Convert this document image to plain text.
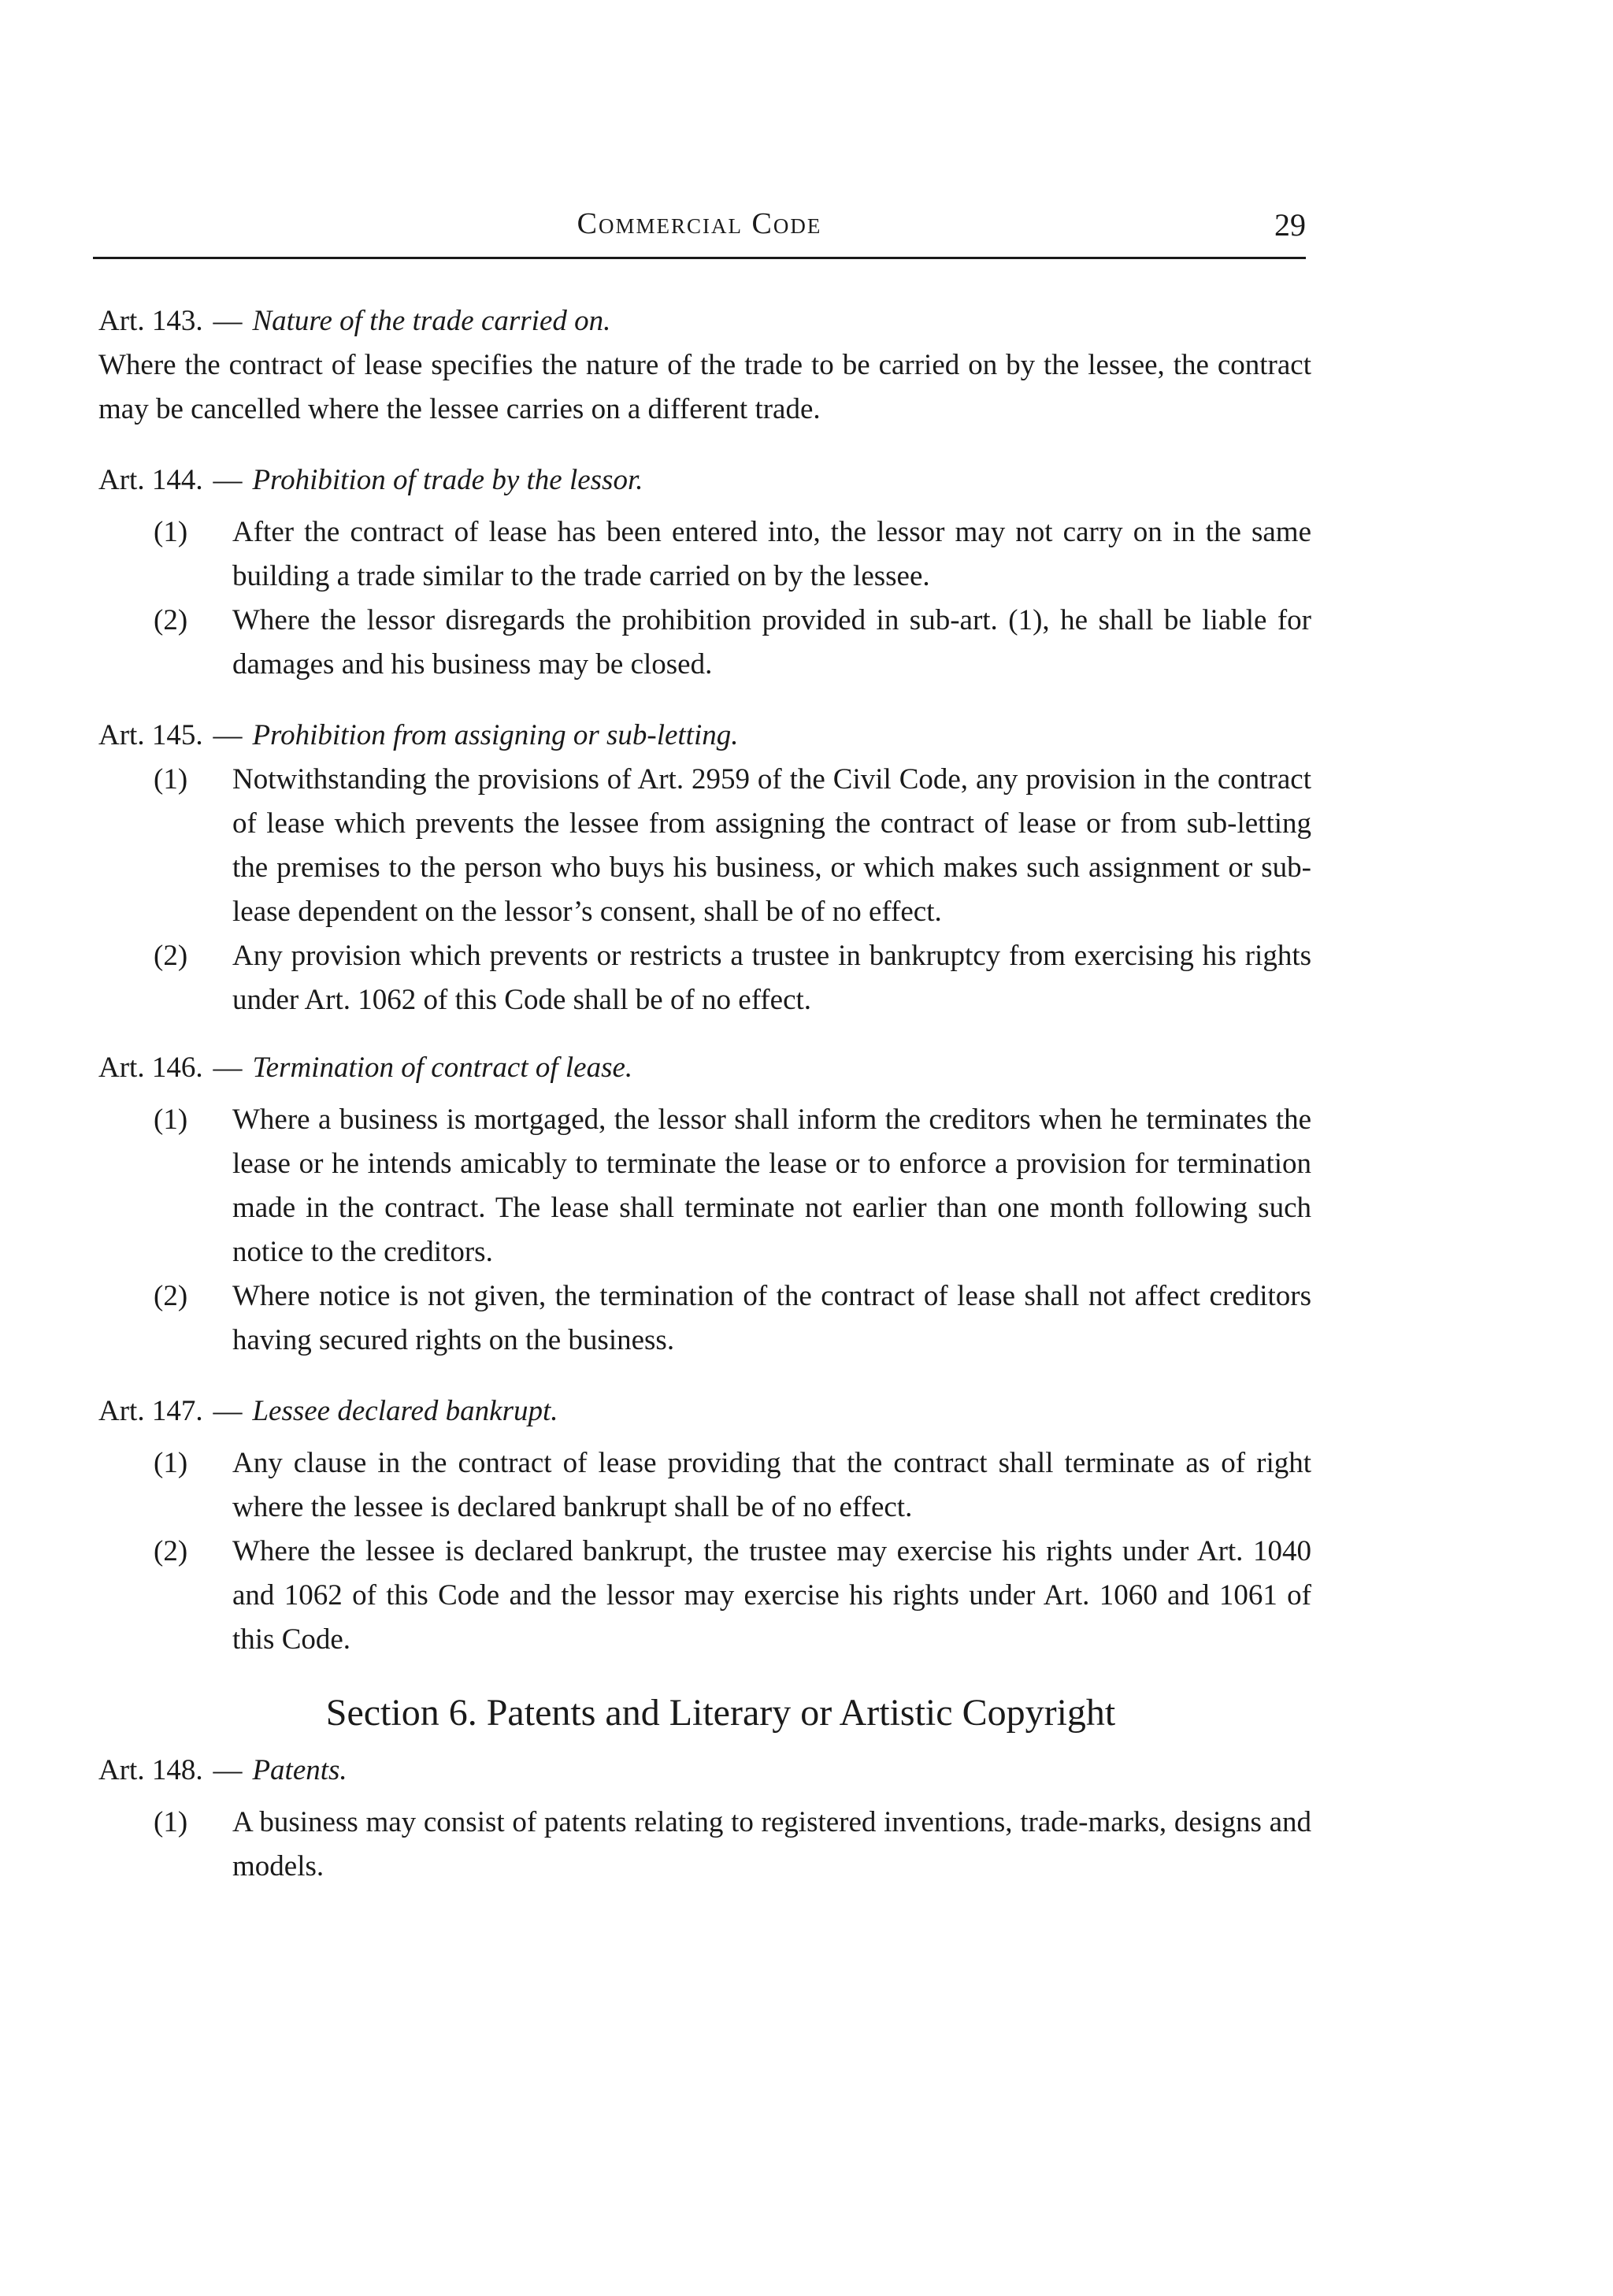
Commercial Code	29

Art. 143. — Nature of the trade carried on.

Where the contract of lease specifies the nature of the trade to be carried on by the lessee, the contract may be cancelled where the lessee carries on a different trade.

Art. 144. — Prohibition of trade by the lessor.

(1)	After the contract of lease has been entered into, the lessor may not carry on in the same building a trade similar to the trade carried on by the lessee.
(2)	Where the lessor disregards the prohibition provided in sub-art. (1), he shall be liable for damages and his business may be closed.

Art. 145. — Prohibition from assigning or sub-letting.

(1)	Notwithstanding the provisions of Art. 2959 of the Civil Code, any provision in the contract of lease which prevents the lessee from assigning the contract of lease or from sub-letting the premises to the person who buys his business, or which makes such assignment or sub-lease dependent on the lessor’s consent, shall be of no effect.
(2)	Any provision which prevents or restricts a trustee in bankruptcy from exercising his rights under Art. 1062 of this Code shall be of no effect.

Art. 146. — Termination of contract of lease.

(1)	Where a business is mortgaged, the lessor shall inform the creditors when he terminates the lease or he intends amicably to terminate the lease or to enforce a provision for termination made in the contract. The lease shall terminate not earlier than one month following such notice to the creditors.
(2)	Where notice is not given, the termination of the contract of lease shall not affect creditors having secured rights on the business.

Art. 147. — Lessee declared bankrupt.

(1)	Any clause in the contract of lease providing that the contract shall terminate as of right where the lessee is declared bankrupt shall be of no effect.
(2)	Where the lessee is declared bankrupt, the trustee may exercise his rights under Art. 1040 and 1062 of this Code and the lessor may exercise his rights under Art. 1060 and 1061 of this Code.

Section 6. Patents and Literary or Artistic Copyright

Art. 148. — Patents.

(1)	A business may consist of patents relating to registered inventions, trade-marks, designs and models.
